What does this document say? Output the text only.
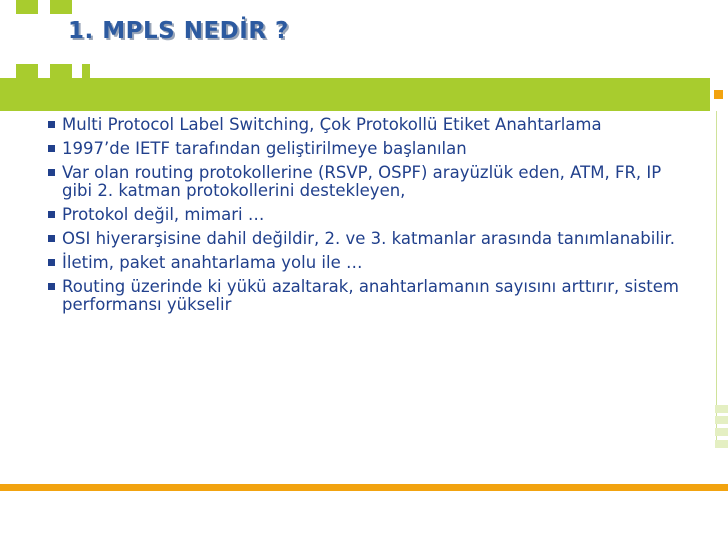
1. MPLS NEDİR ?
Multi Protocol Label Switching, Çok Protokollü Etiket Anahtarlama
1997’de IETF tarafından geliştirilmeye başlanılan
Var olan routing protokollerine (RSVP, OSPF) arayüzlük eden, ATM, FR, IP gibi 2. katman protokollerini destekleyen,
Protokol değil, mimari …
OSI hiyerarşisine dahil değildir, 2. ve 3. katmanlar arasında tanımlanabilir.
İletim, paket anahtarlama yolu ile …
Routing üzerinde ki yükü azaltarak, anahtarlamanın sayısını arttırır, sistem performansı yükselir
